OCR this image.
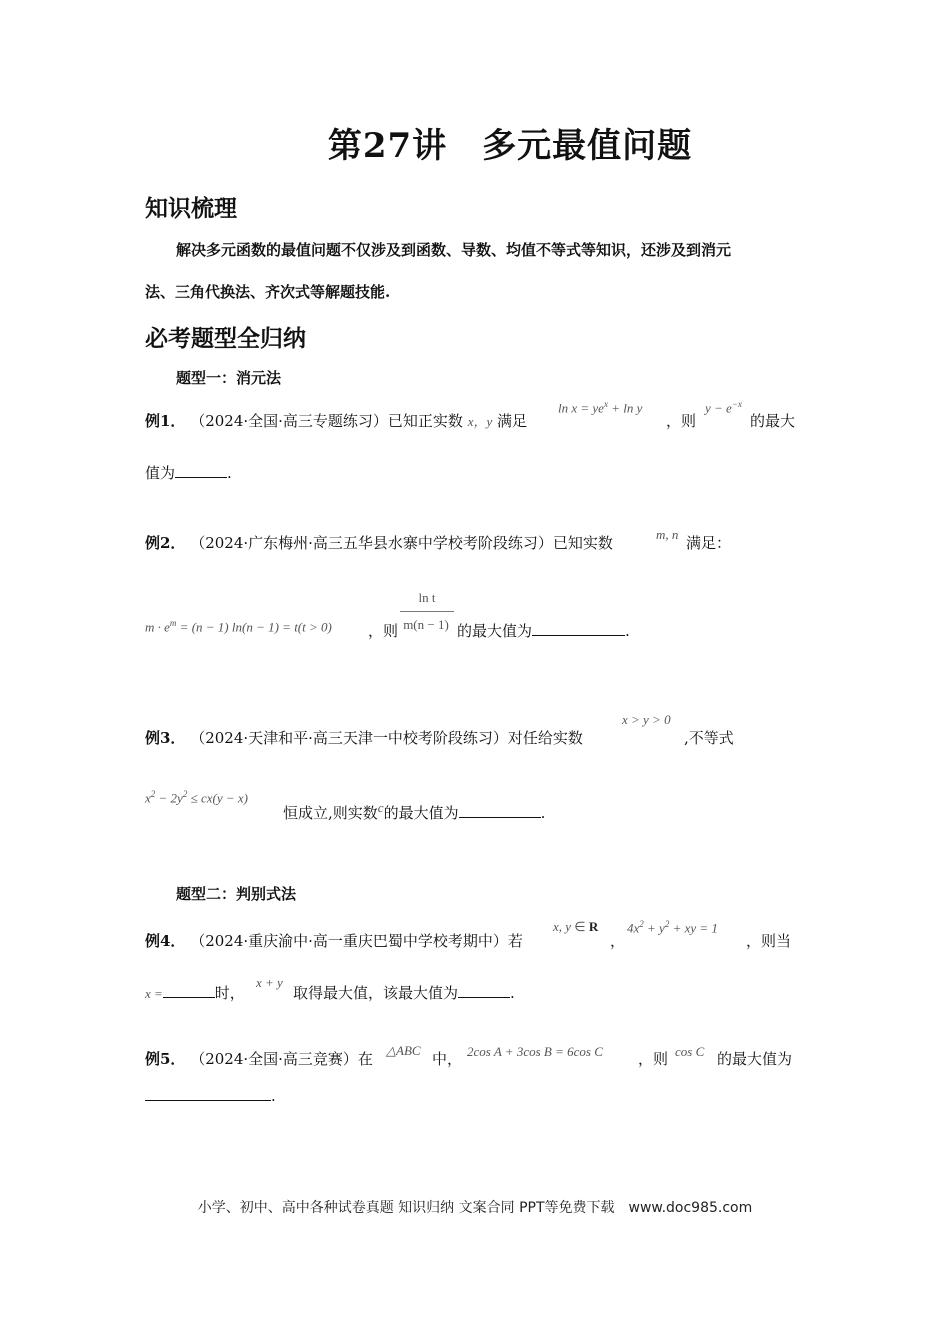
第27讲　多元最值问题
知识梳理
解决多元函数的最值问题不仅涉及到函数、导数、均值不等式等知识，还涉及到消元
法、三角代换法、齐次式等解题技能.
必考题型全归纳
题型一：消元法
例1． （2024·全国·高三专题练习）已知正实数 x，y 满足
$\ln x = ye^x + \ln y$
，则
$y - e^{-x}$
的最大
值为	.
例2． （2024·广东梅州·高三五华县水寨中学校考阶段练习）已知实数	m, n 满足：
$m \cdot e^m = (n - 1) \ln(n - 1) = t(t > 0)$ ，则
ln t
m(n − 1) 的最大值为	.
例3． （2024·天津和平·高三天津一中校考阶段练习）对任给实数
x > y > 0
,不等式
$x^2 - 2y^2 \le cx(y - x)$
恒成立,则实数c的最大值为	.
题型二：判别式法
例4． （2024·重庆渝中·高一重庆巴蜀中学校考期中）若
x, y ∈ R
，
$4x^2 + y^2$ + xy = 1
，则当
x =	时，
x + y
取得最大值，该最大值为	.
例5． （2024·全国·高三竞赛）在 △ABC 中， 2cos A + 3cos B = 6cos C ，则 cos C 的最大值为
.
小学、初中、高中各种试卷真题 知识归纳 文案合同 PPT等免费下载　www.doc985.com
